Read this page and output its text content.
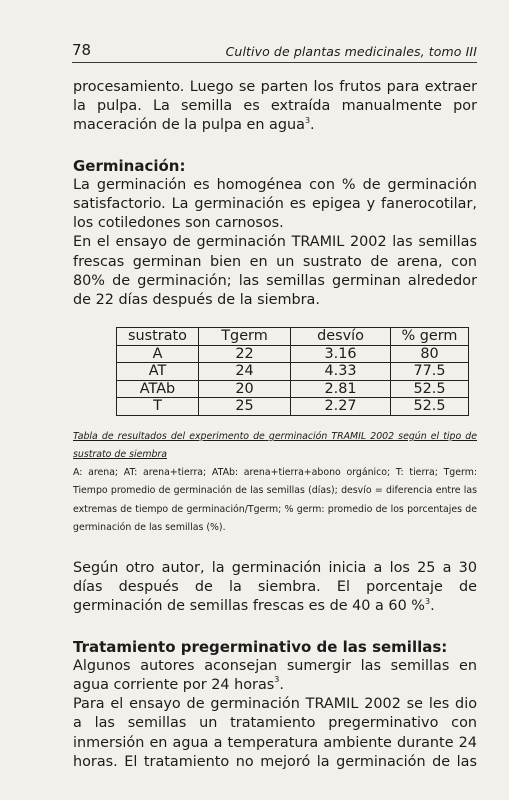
78	Cultivo de plantas medicinales, tomo III

procesamiento. Luego se parten los frutos para extraer la pulpa. La semilla es extraída manualmente por maceración de la pulpa en agua$^3$.

Germinación:

La germinación es homogénea con % de germinación satisfactorio. La germinación es epigea y fanerocotilar, los cotiledones son carnosos.

En el ensayo de germinación TRAMIL 2002 las semillas frescas germinan bien en un sustrato de arena, con 80% de germinación; las semillas germinan alrededor de 22 días después de la siembra.

sustrato	Tgerm	desvío	% germ
A	22	3.16	80
AT	24	4.33	77.5
ATAb	20	2.81	52.5
T	25	2.27	52.5

Tabla de resultados del experimento de germinación TRAMIL 2002 según el tipo de sustrato de siembra

A: arena; AT: arena+tierra; ATAb: arena+tierra+abono orgánico; T: tierra; Tgerm: Tiempo promedio de germinación de las semillas (días); desvío = diferencia entre las extremas de tiempo de germinación/Tgerm; % germ: promedio de los porcentajes de germinación de las semillas (%).

Según otro autor, la germinación inicia a los 25 a 30 días después de la siembra. El porcentaje de germinación de semillas frescas es de 40 a 60 %$^3$.

Tratamiento pregerminativo de las semillas:

Algunos autores aconsejan sumergir las semillas en agua corriente por 24 horas$^3$.

Para el ensayo de germinación TRAMIL 2002 se les dio a las semillas un tratamiento pregerminativo con inmersión en agua a temperatura ambiente durante 24 horas. El tratamiento no mejoró la germinación de las
